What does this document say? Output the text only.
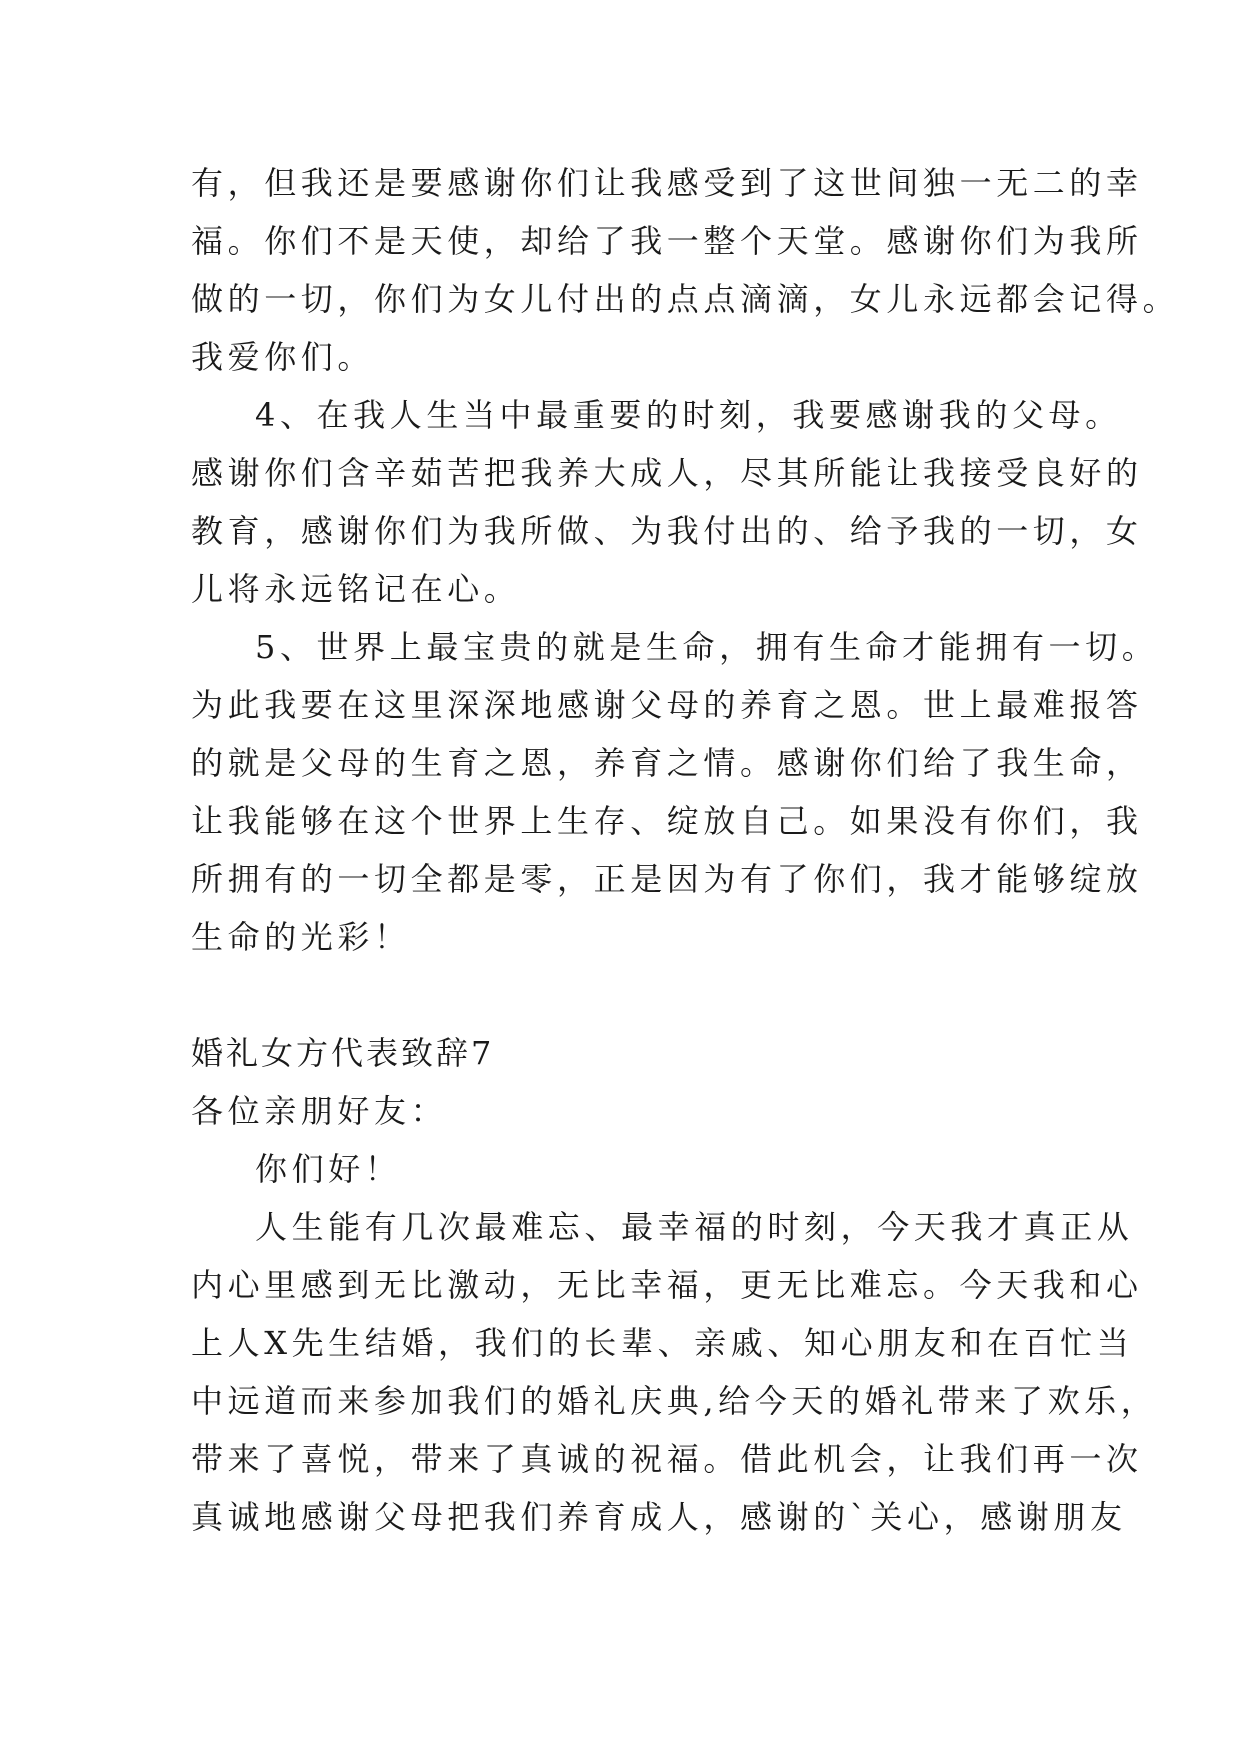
有，但我还是要感谢你们让我感受到了这世间独一无二的幸
福。你们不是天使，却给了我一整个天堂。感谢你们为我所
做的一切，你们为女儿付出的点点滴滴，女儿永远都会记得。
我爱你们。
4、在我人生当中最重要的时刻，我要感谢我的父母。
感谢你们含辛茹苦把我养大成人，尽其所能让我接受良好的
教育，感谢你们为我所做、为我付出的、给予我的一切，女
儿将永远铭记在心。
5、世界上最宝贵的就是生命，拥有生命才能拥有一切。
为此我要在这里深深地感谢父母的养育之恩。世上最难报答
的就是父母的生育之恩，养育之情。感谢你们给了我生命，
让我能够在这个世界上生存、绽放自己。如果没有你们，我
所拥有的一切全都是零，正是因为有了你们，我才能够绽放
生命的光彩！
婚礼女方代表致辞7
各位亲朋好友：
你们好！
人生能有几次最难忘、最幸福的时刻，今天我才真正从
内心里感到无比激动，无比幸福，更无比难忘。今天我和心
上人X先生结婚，我们的长辈、亲戚、知心朋友和在百忙当
中远道而来参加我们的婚礼庆典,给今天的婚礼带来了欢乐，
带来了喜悦，带来了真诚的祝福。借此机会，让我们再一次
真诚地感谢父母把我们养育成人，感谢的`关心，感谢朋友
